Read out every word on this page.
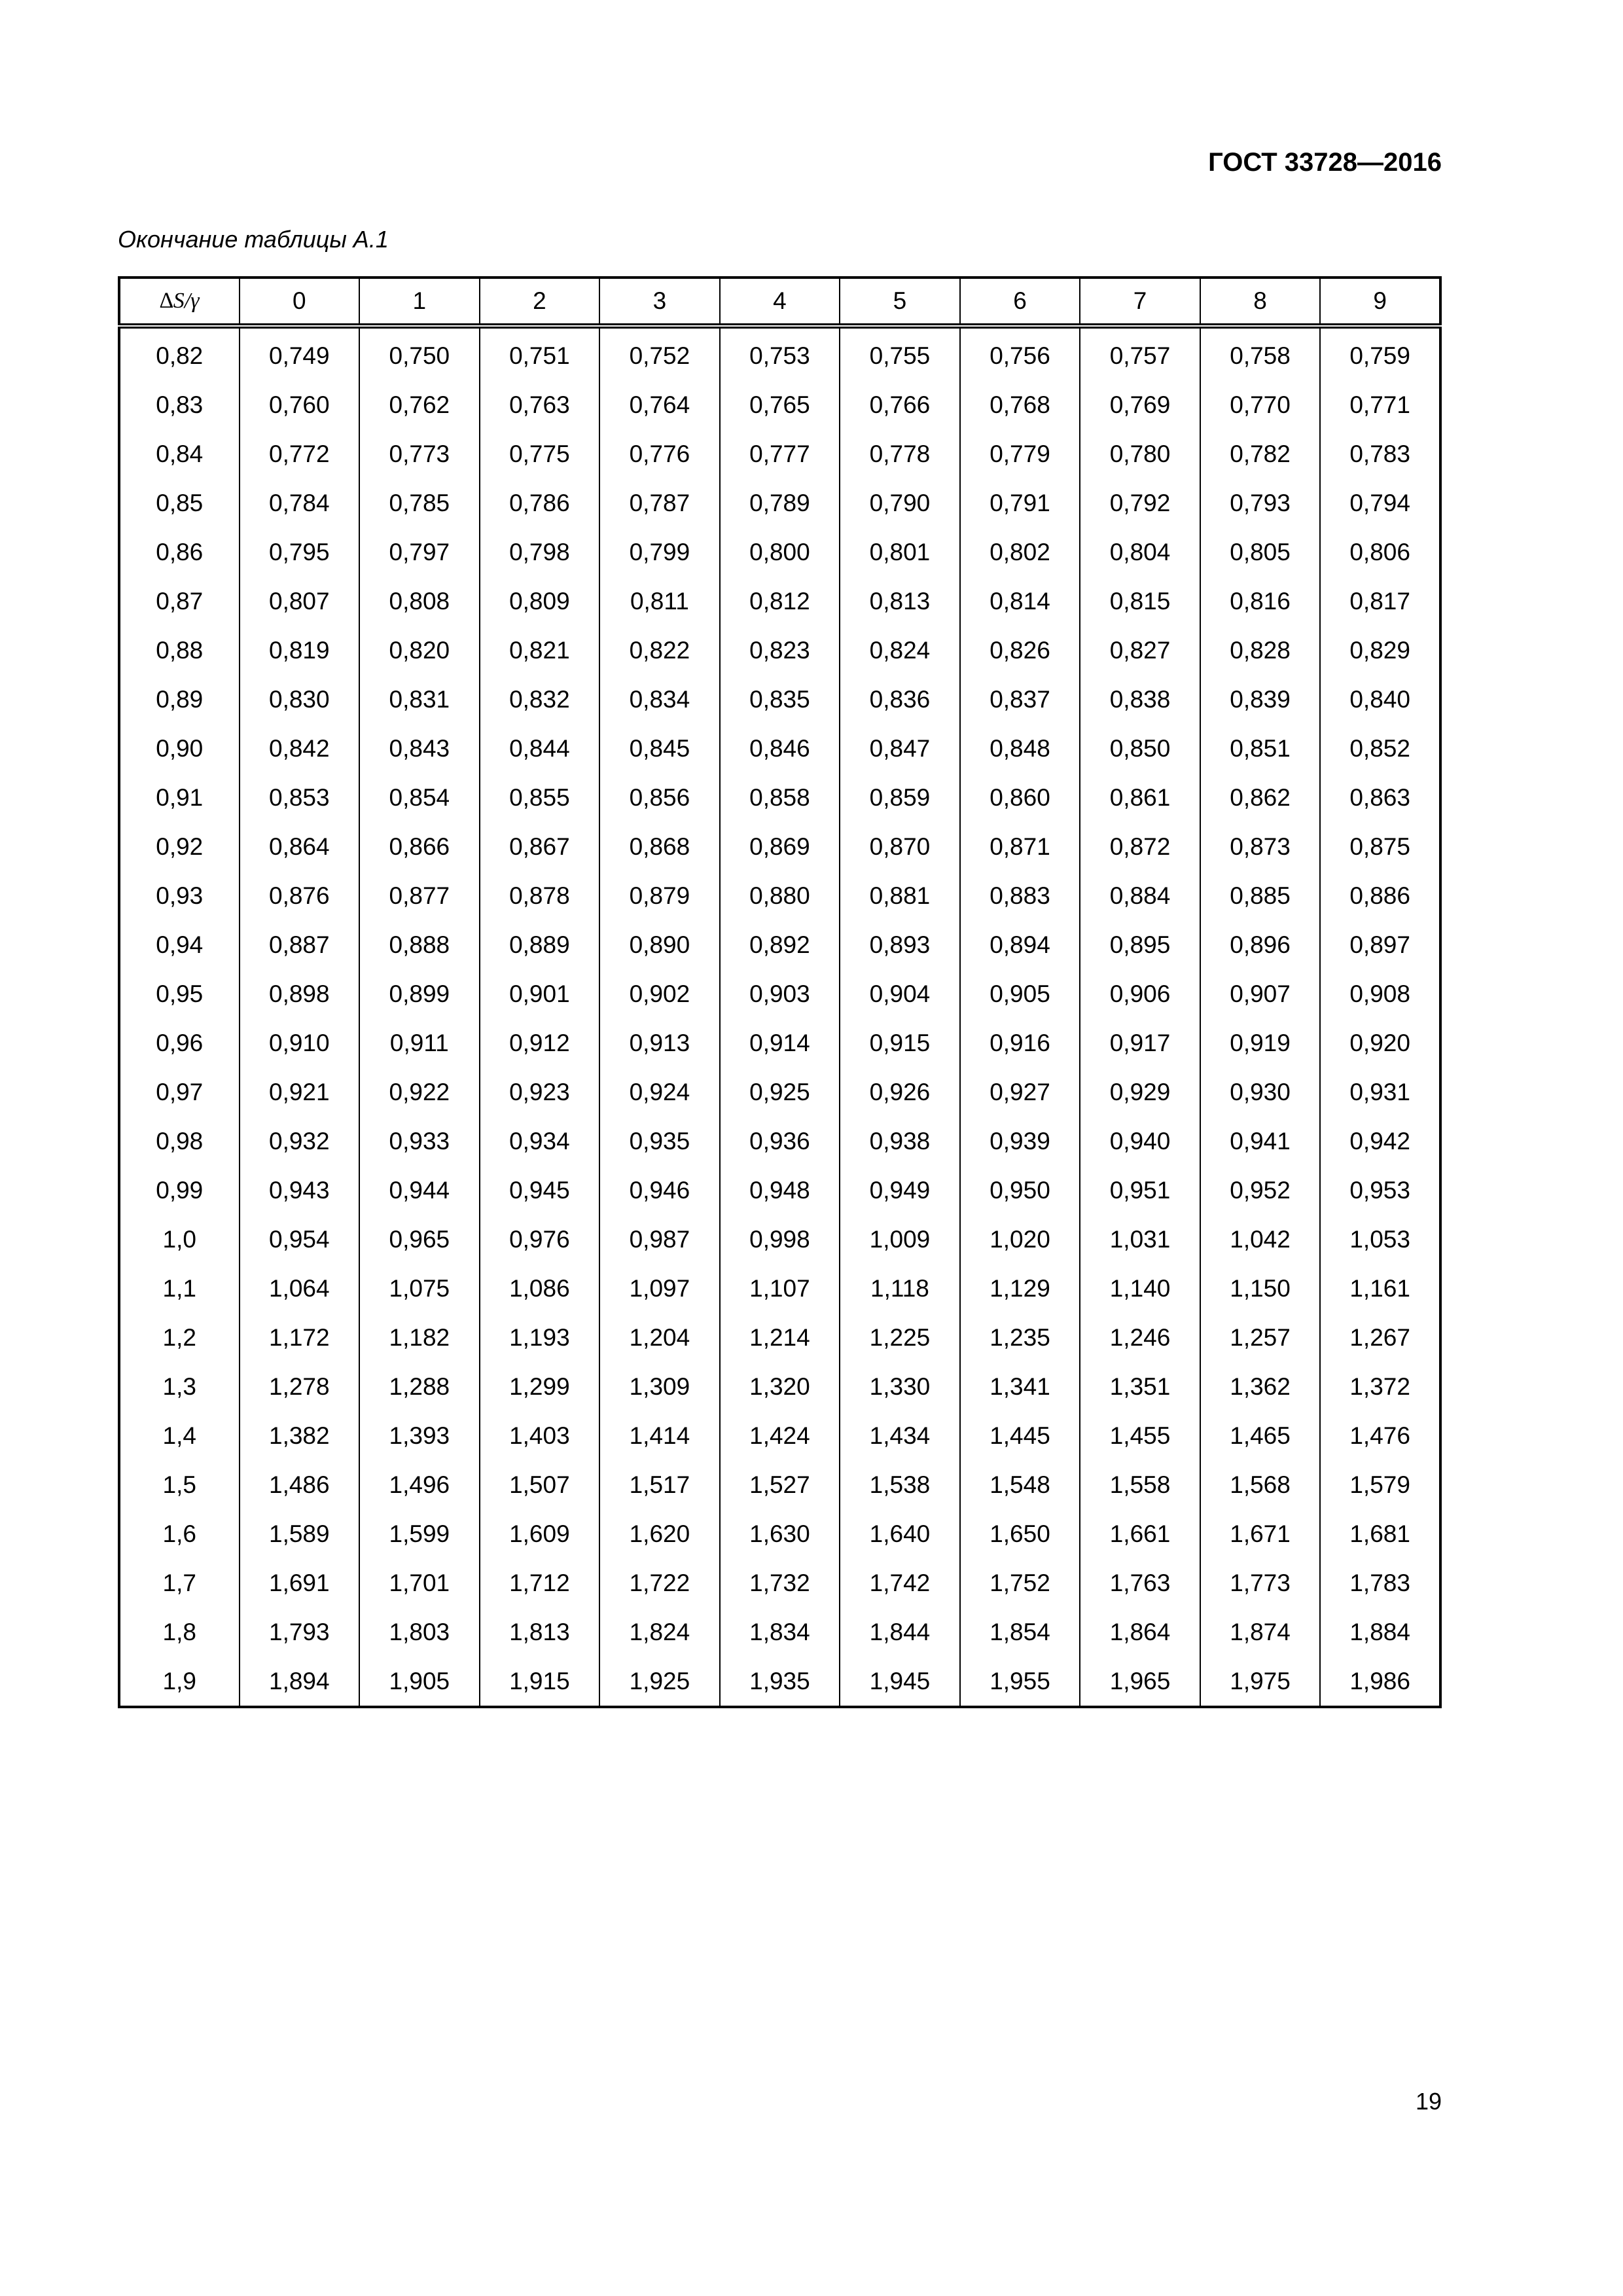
ГОСТ 33728—2016
Окончание таблицы А.1
∆S/γ	0	1	2	3	4	5	6	7	8	9
0,82	0,749	0,750	0,751	0,752	0,753	0,755	0,756	0,757	0,758	0,759
0,83	0,760	0,762	0,763	0,764	0,765	0,766	0,768	0,769	0,770	0,771
0,84	0,772	0,773	0,775	0,776	0,777	0,778	0,779	0,780	0,782	0,783
0,85	0,784	0,785	0,786	0,787	0,789	0,790	0,791	0,792	0,793	0,794
0,86	0,795	0,797	0,798	0,799	0,800	0,801	0,802	0,804	0,805	0,806
0,87	0,807	0,808	0,809	0,811	0,812	0,813	0,814	0,815	0,816	0,817
0,88	0,819	0,820	0,821	0,822	0,823	0,824	0,826	0,827	0,828	0,829
0,89	0,830	0,831	0,832	0,834	0,835	0,836	0,837	0,838	0,839	0,840
0,90	0,842	0,843	0,844	0,845	0,846	0,847	0,848	0,850	0,851	0,852
0,91	0,853	0,854	0,855	0,856	0,858	0,859	0,860	0,861	0,862	0,863
0,92	0,864	0,866	0,867	0,868	0,869	0,870	0,871	0,872	0,873	0,875
0,93	0,876	0,877	0,878	0,879	0,880	0,881	0,883	0,884	0,885	0,886
0,94	0,887	0,888	0,889	0,890	0,892	0,893	0,894	0,895	0,896	0,897
0,95	0,898	0,899	0,901	0,902	0,903	0,904	0,905	0,906	0,907	0,908
0,96	0,910	0,911	0,912	0,913	0,914	0,915	0,916	0,917	0,919	0,920
0,97	0,921	0,922	0,923	0,924	0,925	0,926	0,927	0,929	0,930	0,931
0,98	0,932	0,933	0,934	0,935	0,936	0,938	0,939	0,940	0,941	0,942
0,99	0,943	0,944	0,945	0,946	0,948	0,949	0,950	0,951	0,952	0,953
1,0	0,954	0,965	0,976	0,987	0,998	1,009	1,020	1,031	1,042	1,053
1,1	1,064	1,075	1,086	1,097	1,107	1,118	1,129	1,140	1,150	1,161
1,2	1,172	1,182	1,193	1,204	1,214	1,225	1,235	1,246	1,257	1,267
1,3	1,278	1,288	1,299	1,309	1,320	1,330	1,341	1,351	1,362	1,372
1,4	1,382	1,393	1,403	1,414	1,424	1,434	1,445	1,455	1,465	1,476
1,5	1,486	1,496	1,507	1,517	1,527	1,538	1,548	1,558	1,568	1,579
1,6	1,589	1,599	1,609	1,620	1,630	1,640	1,650	1,661	1,671	1,681
1,7	1,691	1,701	1,712	1,722	1,732	1,742	1,752	1,763	1,773	1,783
1,8	1,793	1,803	1,813	1,824	1,834	1,844	1,854	1,864	1,874	1,884
1,9	1,894	1,905	1,915	1,925	1,935	1,945	1,955	1,965	1,975	1,986
19
